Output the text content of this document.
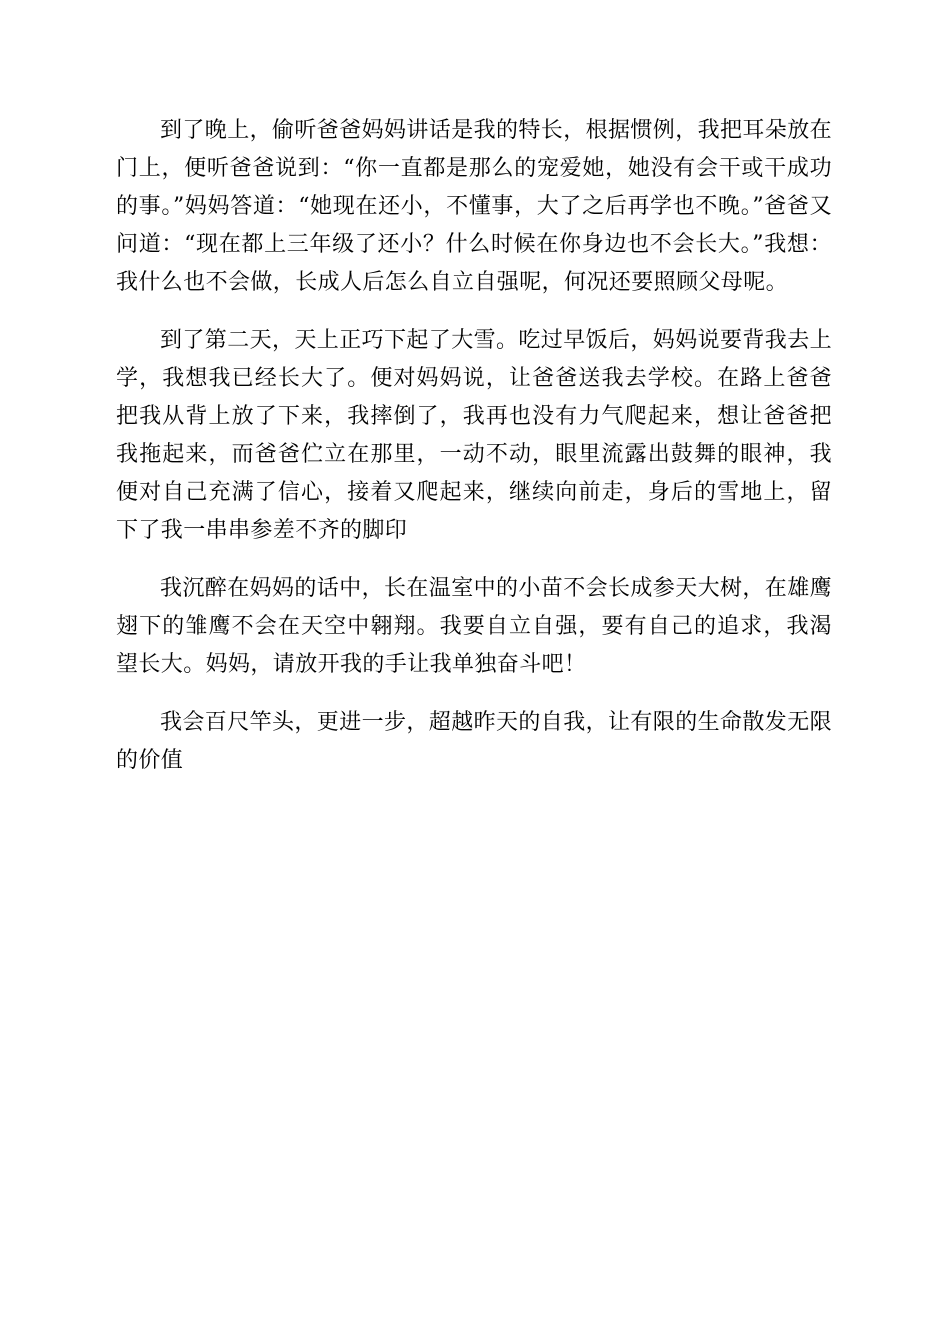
到了晚上，偷听爸爸妈妈讲话是我的特长，根据惯例，我把耳朵放在门上，便听爸爸说到：“你一直都是那么的宠爱她，她没有会干或干成功的事。”妈妈答道：“她现在还小，不懂事，大了之后再学也不晚。”爸爸又问道：“现在都上三年级了还小？什么时候在你身边也不会长大。”我想：我什么也不会做，长成人后怎么自立自强呢，何况还要照顾父母呢。

到了第二天，天上正巧下起了大雪。吃过早饭后，妈妈说要背我去上学，我想我已经长大了。便对妈妈说，让爸爸送我去学校。在路上爸爸把我从背上放了下来，我摔倒了，我再也没有力气爬起来，想让爸爸把我拖起来，而爸爸伫立在那里，一动不动，眼里流露出鼓舞的眼神，我便对自己充满了信心，接着又爬起来，继续向前走，身后的雪地上，留下了我一串串参差不齐的脚印

我沉醉在妈妈的话中，长在温室中的小苗不会长成参天大树，在雄鹰翅下的雏鹰不会在天空中翱翔。我要自立自强，要有自己的追求，我渴望长大。妈妈，请放开我的手让我单独奋斗吧！

我会百尺竿头，更进一步，超越昨天的自我，让有限的生命散发无限的价值
